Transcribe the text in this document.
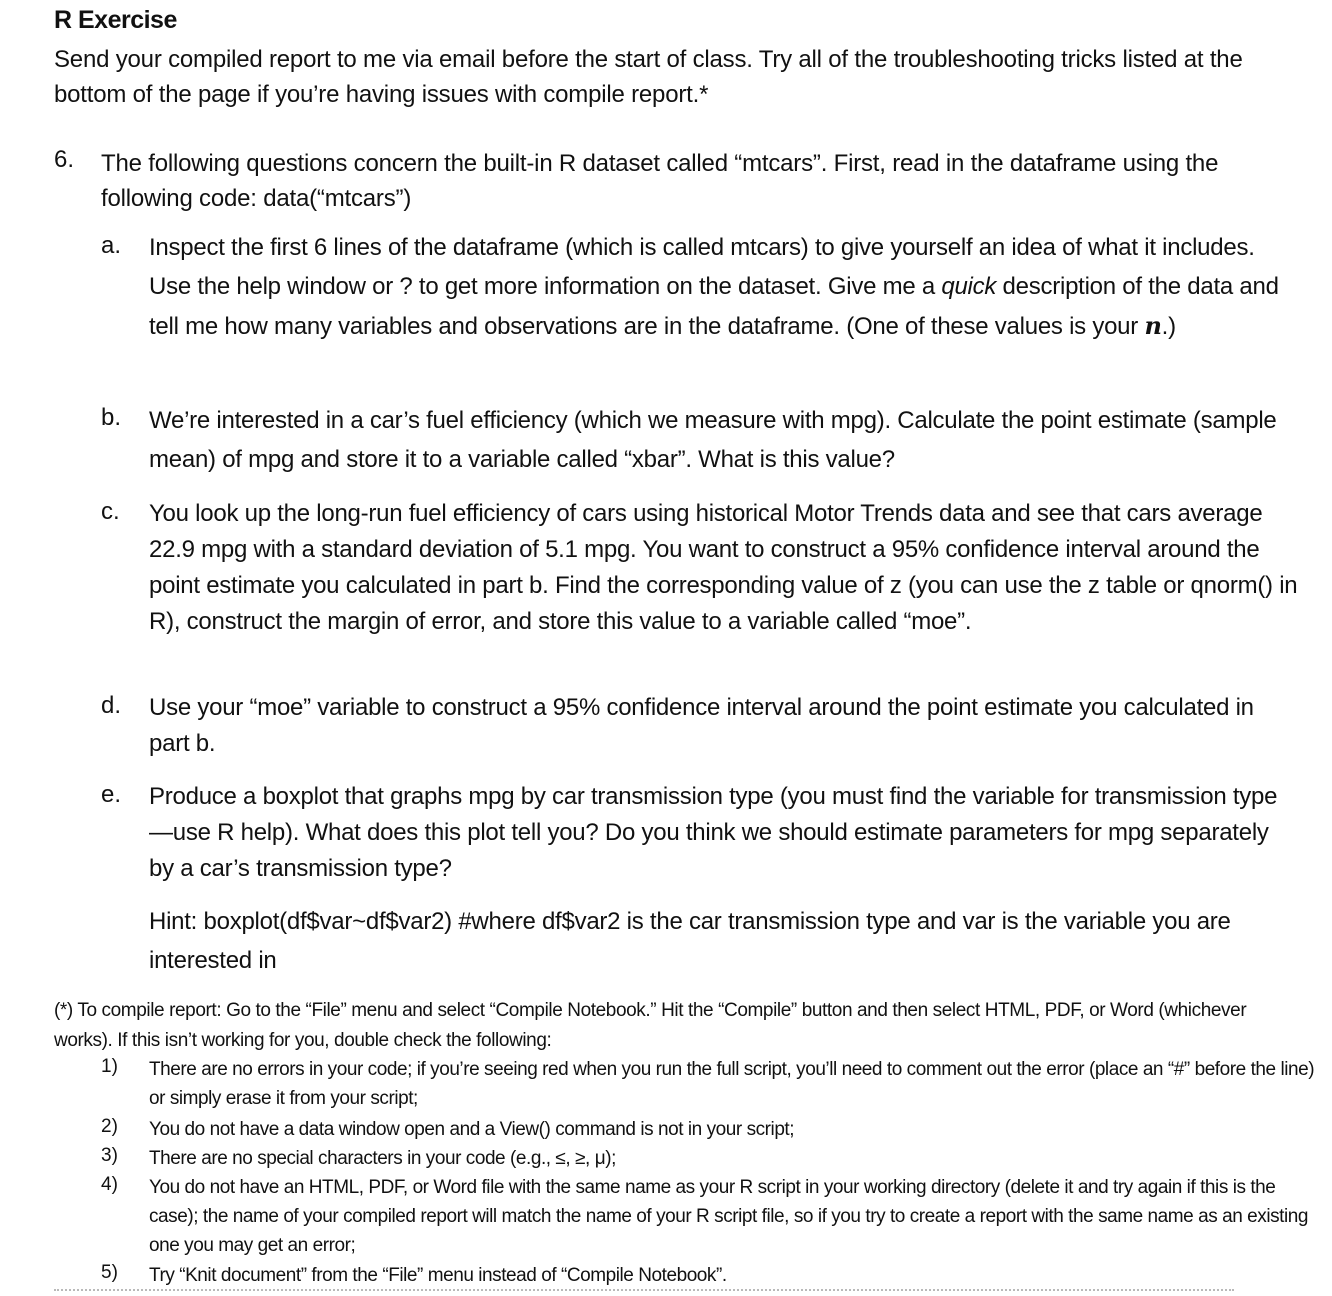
R Exercise
Send your compiled report to me via email before the start of class. Try all of the troubleshooting tricks listed at the bottom of the page if you’re having issues with compile report.*
6. The following questions concern the built-in R dataset called “mtcars”. First, read in the dataframe using the following code: data(“mtcars”)
a. Inspect the first 6 lines of the dataframe (which is called mtcars) to give yourself an idea of what it includes. Use the help window or ? to get more information on the dataset. Give me a quick description of the data and tell me how many variables and observations are in the dataframe. (One of these values is your n.)
b. We’re interested in a car’s fuel efficiency (which we measure with mpg). Calculate the point estimate (sample mean) of mpg and store it to a variable called “xbar”. What is this value?
c. You look up the long-run fuel efficiency of cars using historical Motor Trends data and see that cars average 22.9 mpg with a standard deviation of 5.1 mpg. You want to construct a 95% confidence interval around the point estimate you calculated in part b. Find the corresponding value of z (you can use the z table or qnorm() in R), construct the margin of error, and store this value to a variable called “moe”.
d. Use your “moe” variable to construct a 95% confidence interval around the point estimate you calculated in part b.
e. Produce a boxplot that graphs mpg by car transmission type (you must find the variable for transmission type—use R help). What does this plot tell you? Do you think we should estimate parameters for mpg separately by a car’s transmission type?
Hint: boxplot(df$var~df$var2) #where df$var2 is the car transmission type and var is the variable you are interested in
(*) To compile report: Go to the “File” menu and select “Compile Notebook.” Hit the “Compile” button and then select HTML, PDF, or Word (whichever works). If this isn’t working for you, double check the following:
1) There are no errors in your code; if you’re seeing red when you run the full script, you’ll need to comment out the error (place an “#” before the line) or simply erase it from your script;
2) You do not have a data window open and a View() command is not in your script;
3) There are no special characters in your code (e.g., ≤, ≥, μ);
4) You do not have an HTML, PDF, or Word file with the same name as your R script in your working directory (delete it and try again if this is the case); the name of your compiled report will match the name of your R script file, so if you try to create a report with the same name as an existing one you may get an error;
5) Try “Knit document” from the “File” menu instead of “Compile Notebook”.
